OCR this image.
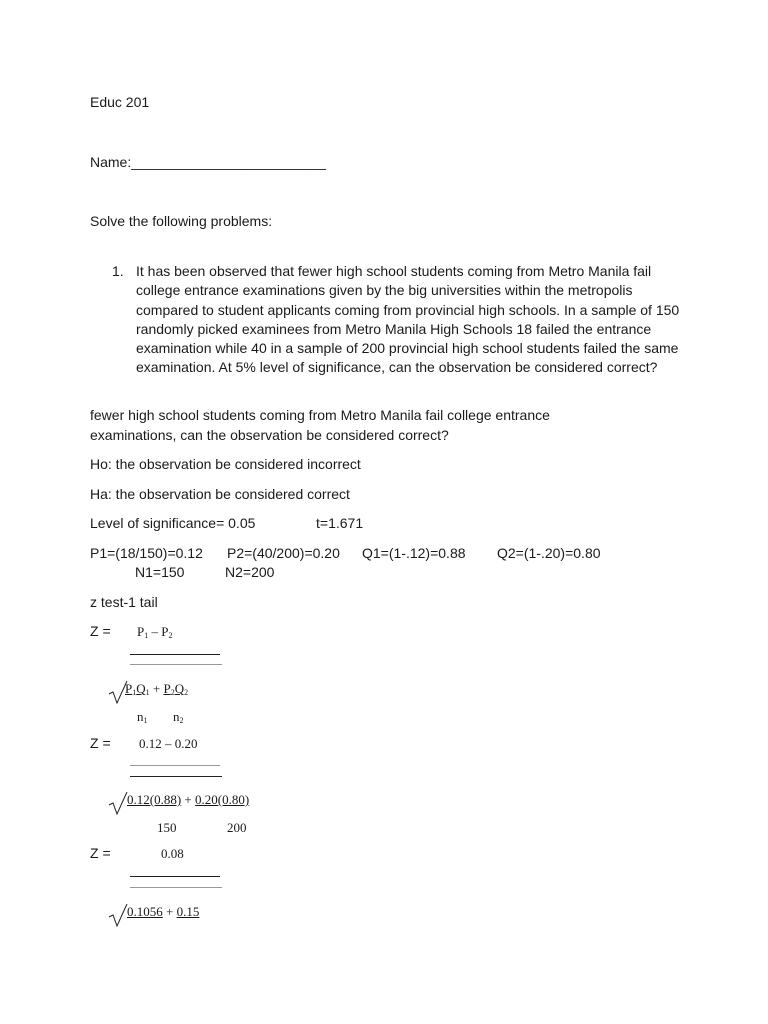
Educ 201

Name:_________________________

Solve the following problems:

1. It has been observed that fewer high school students coming from Metro Manila fail college entrance examinations given by the big universities within the metropolis compared to student applicants coming from provincial high schools. In a sample of 150 randomly picked examinees from Metro Manila High Schools 18 failed the entrance examination while 40 in a sample of 200 provincial high school students failed the same examination. At 5% level of significance, can the observation be considered correct?

fewer high school students coming from Metro Manila fail college entrance examinations, can the observation be considered correct?

Ho: the observation be considered incorrect

Ha: the observation be considered correct

Level of significance= 0.05	t=1.671

P1=(18/150)=0.12 P2=(40/200)=0.20 Q1=(1-.12)=0.88 Q2=(1-.20)=0.80

N1=150	N2=200

z test-1 tail

$Z = P_1 - P_2$

$P_1Q_1 + P_2Q_2$

$n_1$ $n_2$

Z = 0.12 – 0.20

0.12(0.88) + 0.20(0.80)

150	200

Z =	0.08

0.1056 + 0.15
